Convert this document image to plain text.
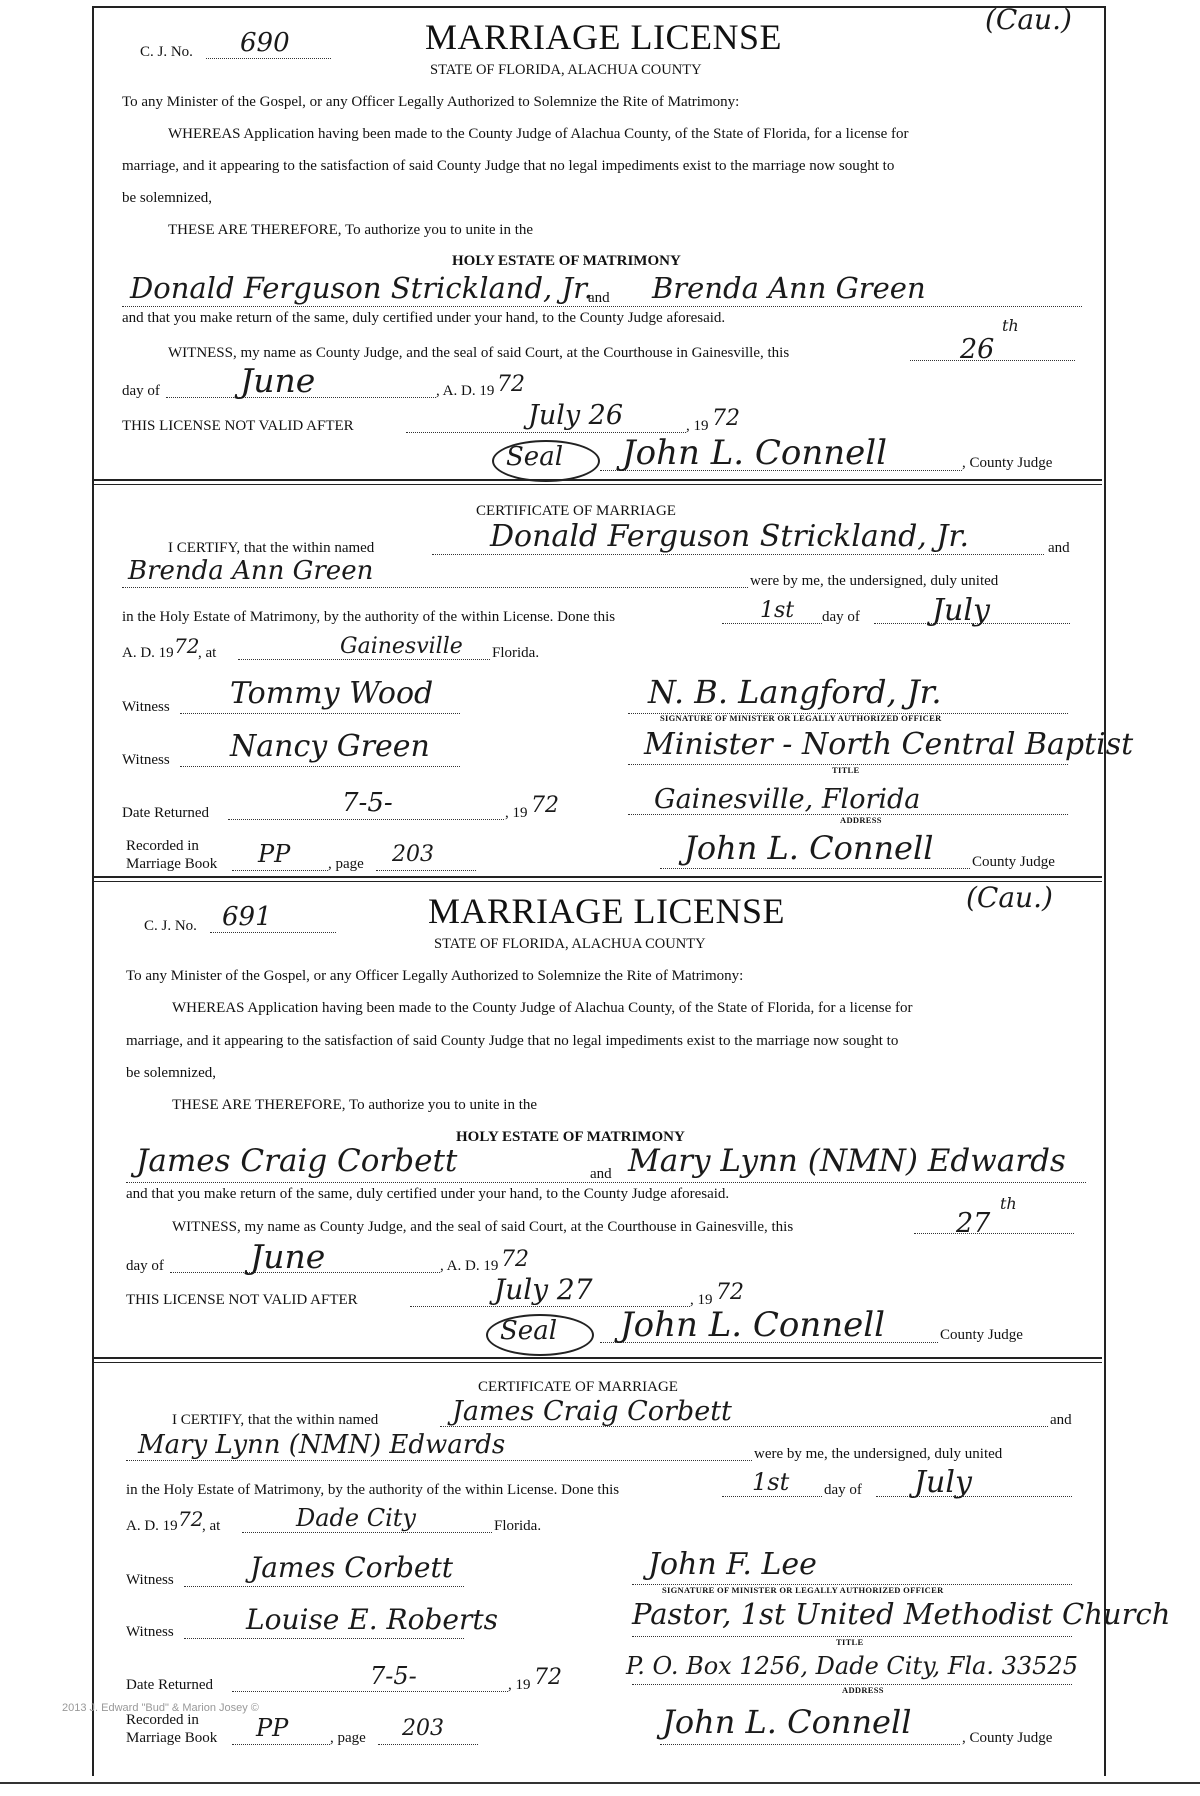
C. J. No. 690
(Cau.)
MARRIAGE LICENSE
STATE OF FLORIDA, ALACHUA COUNTY
To any Minister of the Gospel, or any Officer Legally Authorized to Solemnize the Rite of Matrimony:
WHEREAS Application having been made to the County Judge of Alachua County, of the State of Florida, for a license for
marriage, and it appearing to the satisfaction of said County Judge that no legal impediments exist to the marriage now sought to
be solemnized,
THESE ARE THEREFORE, To authorize you to unite in the
HOLY ESTATE OF MATRIMONY
Donald Ferguson Strickland, Jr.
and Brenda Ann Green
and that you make return of the same, duly certified under your hand, to the County Judge aforesaid.
WITNESS, my name as County Judge, and the seal of said Court, at the Courthouse in Gainesville, this	26
th
day of June	, A. D. 19 72
THIS LICENSE NOT VALID AFTER	July 26	, 19 72
Seal John L. Connell	, County Judge
CERTIFICATE OF MARRIAGE
I CERTIFY, that the within named	Donald Ferguson Strickland, Jr.	and
Brenda Ann Green	were by me, the undersigned, duly united
in the Holy Estate of Matrimony, by the authority of the within License. Done this	1st day of July
A. D. 19 72
, at	Gainesville Florida.
Witness Tommy Wood	N. B. Langford, Jr.
SIGNATURE OF MINISTER OR LEGALLY AUTHORIZED OFFICER
Witness Nancy Green	Minister - North Central Baptist
TITLE
Date Returned	7-5-	, 19 72	Gainesville, Florida
ADDRESS
Recorded in
Marriage Book PP	, page 203	John L. Connell	County Judge
C. J. No. 691
(Cau.)
MARRIAGE LICENSE
STATE OF FLORIDA, ALACHUA COUNTY
To any Minister of the Gospel, or any Officer Legally Authorized to Solemnize the Rite of Matrimony:
WHEREAS Application having been made to the County Judge of Alachua County, of the State of Florida, for a license for
marriage, and it appearing to the satisfaction of said County Judge that no legal impediments exist to the marriage now sought to
be solemnized,
THESE ARE THEREFORE, To authorize you to unite in the
HOLY ESTATE OF MATRIMONY
James Craig Corbett	and Mary Lynn (NMN) Edwards
and that you make return of the same, duly certified under your hand, to the County Judge aforesaid.
WITNESS, my name as County Judge, and the seal of said Court, at the Courthouse in Gainesville, this	27
th
day of	June	, A. D. 19 72
THIS LICENSE NOT VALID AFTER	July 27	, 19 72
Seal John L. Connell	County Judge
CERTIFICATE OF MARRIAGE
I CERTIFY, that the within named	James Craig Corbett	and
Mary Lynn (NMN) Edwards	were by me, the undersigned, duly united
in the Holy Estate of Matrimony, by the authority of the within License. Done this	1st day of July
A. D. 19 72
, at	Dade City	Florida.
Witness	James Corbett	John F. Lee
SIGNATURE OF MINISTER OR LEGALLY AUTHORIZED OFFICER
Witness	Louise E. Roberts	Pastor, 1st United Methodist Church
TITLE
Date Returned	7-5-	, 19 72	P. O. Box 1256, Dade City, Fla. 33525
ADDRESS
Recorded in
Marriage Book PP	, page 203	John L. Connell	, County Judge
2013 J. Edward "Bud" & Marion Josey ©
